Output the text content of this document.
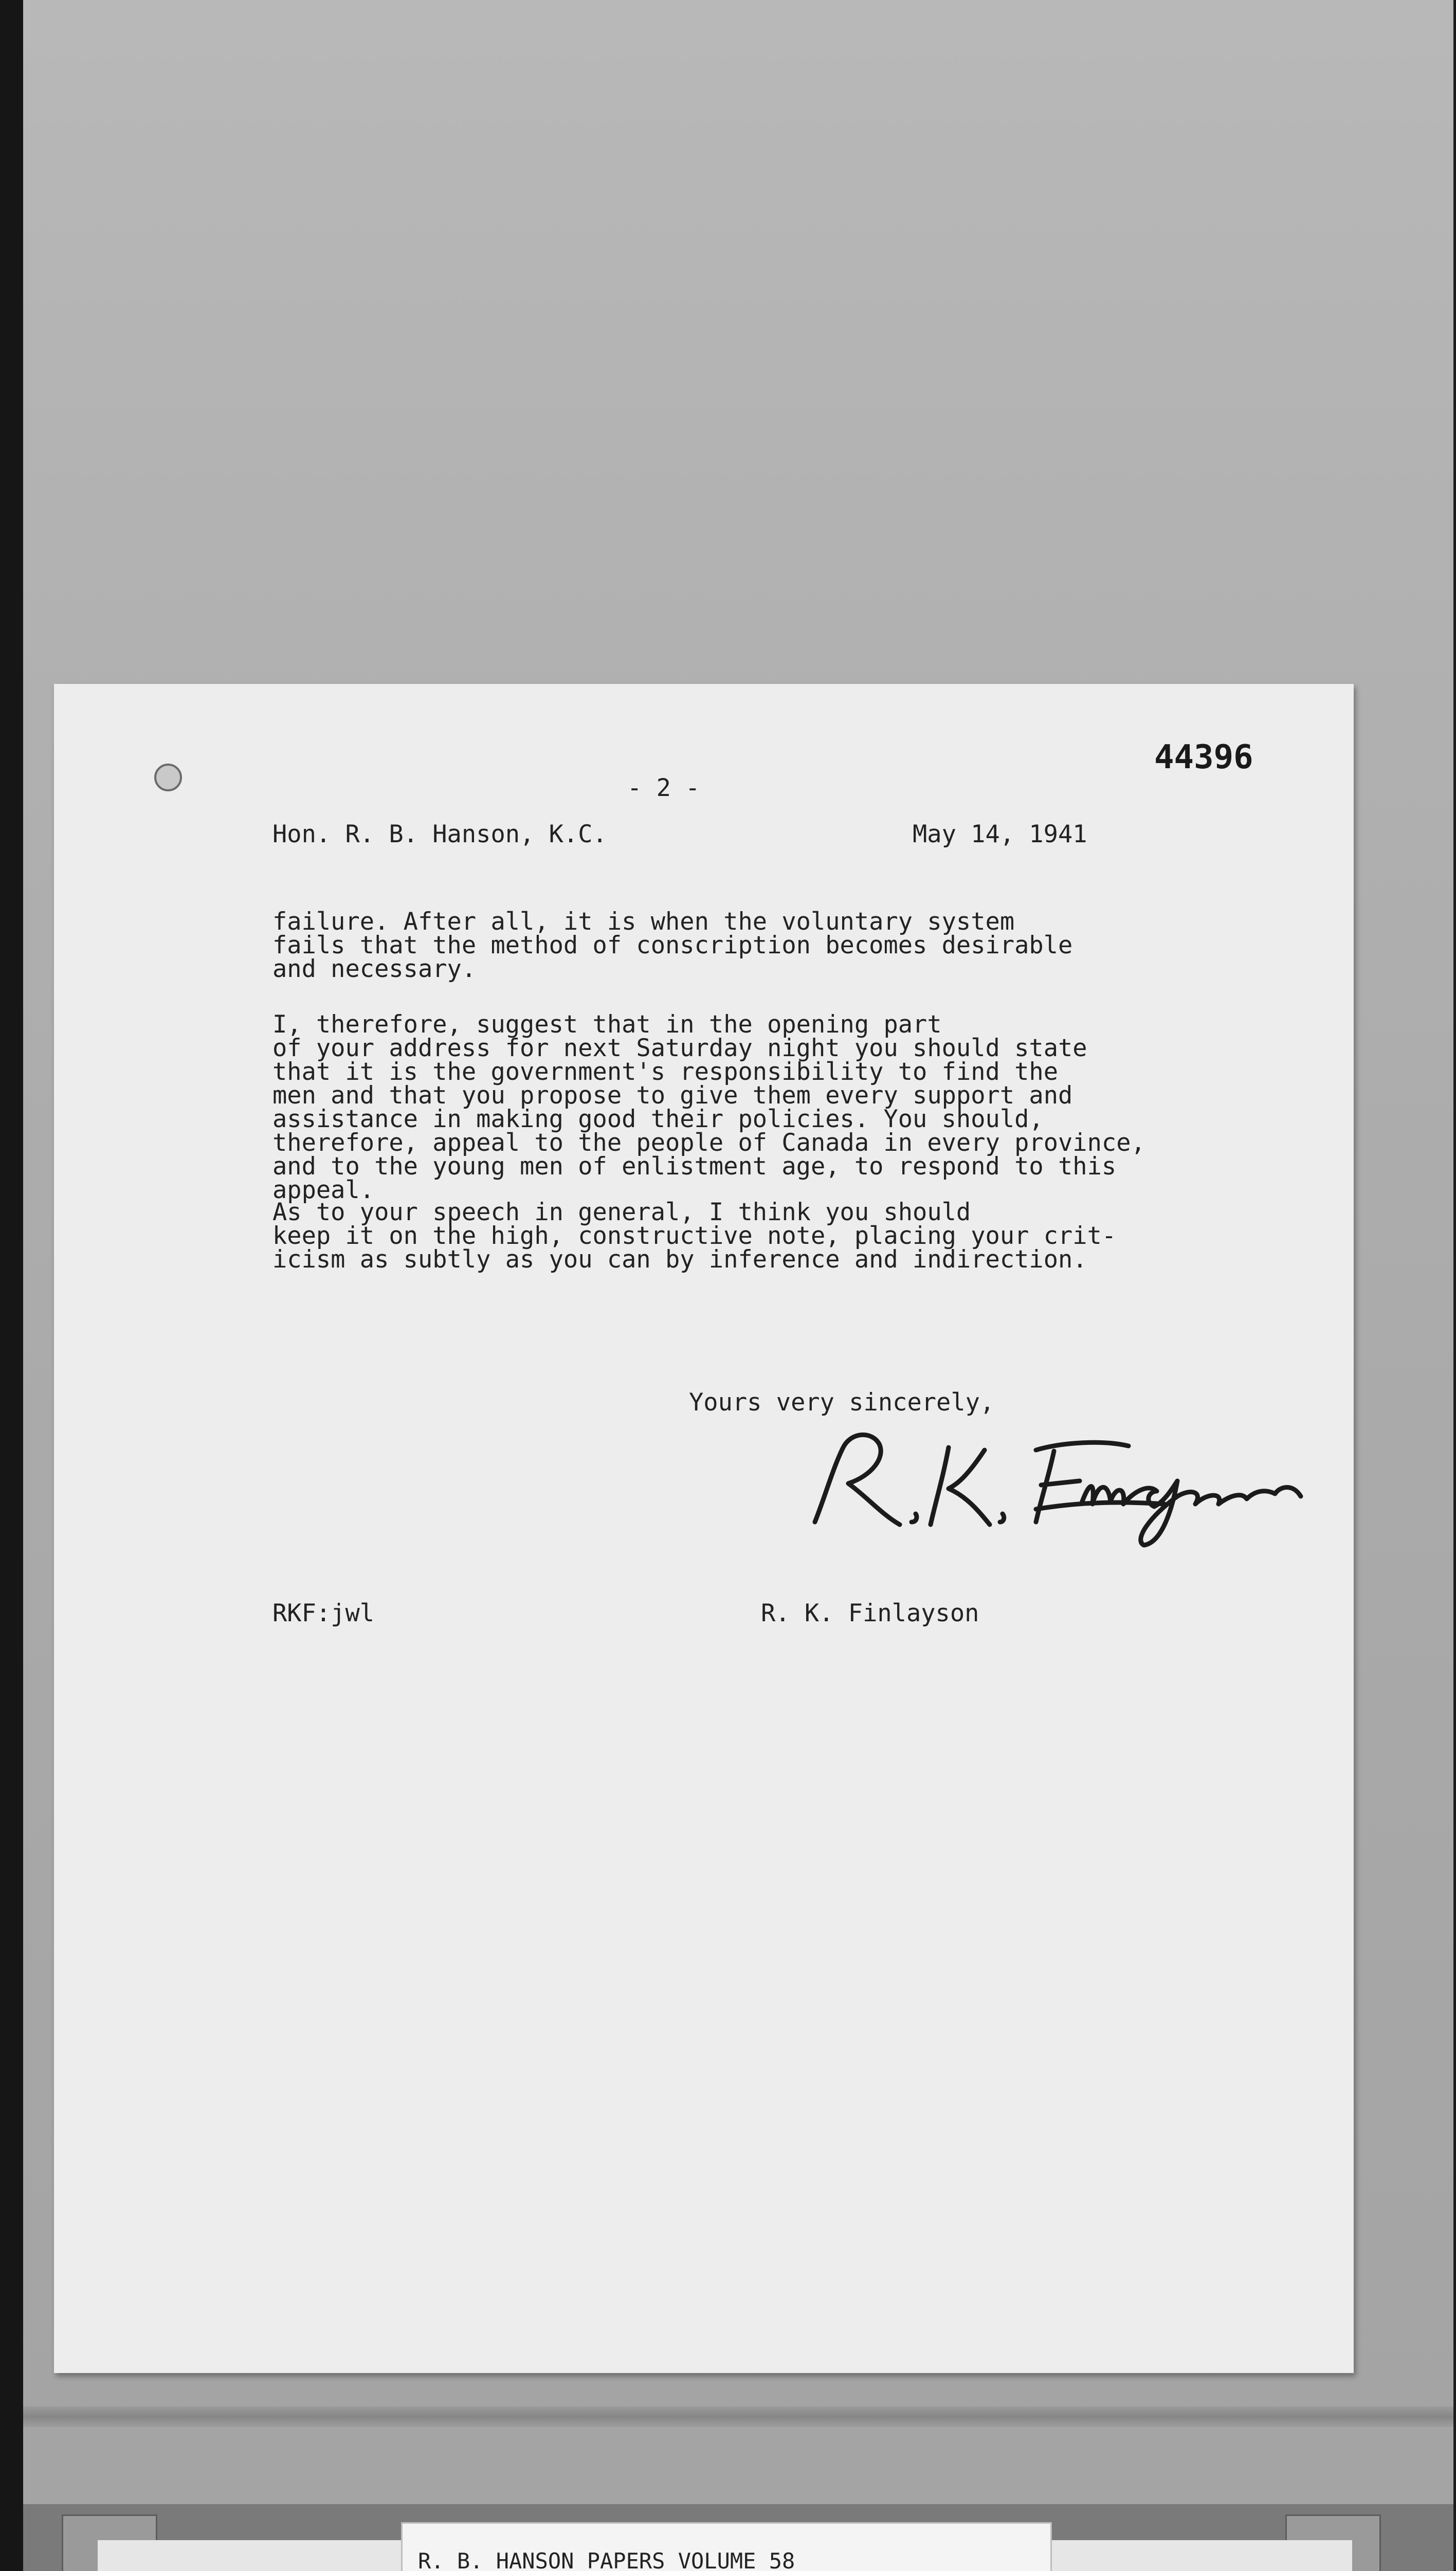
- 2 -

44396

Hon. R. B. Hanson, K.C.	May 14, 1941

failure. After all, it is when the voluntary system
fails that the method of conscription becomes desirable
and necessary.

I, therefore, suggest that in the opening part
of your address for next Saturday night you should state
that it is the government's responsibility to find the
men and that you propose to give them every support and
assistance in making good their policies. You should,
therefore, appeal to the people of Canada in every province,
and to the young men of enlistment age, to respond to this
appeal.

As to your speech in general, I think you should
keep it on the high, constructive note, placing your crit-
icism as subtly as you can by inference and indirection.

Yours very sincerely,

RKF:jwl	R. K. Finlayson

R. B. HANSON PAPERS VOLUME 58
